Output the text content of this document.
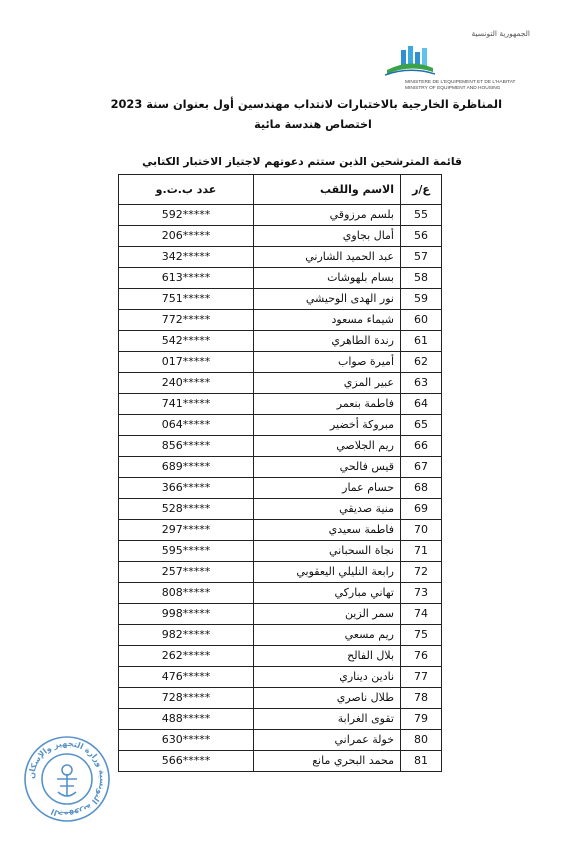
الجمهورية التونسية
MINISTERE DE L'EQUIPEMENT ET DE L'HABITAT
MINISTRY OF EQUIPMENT AND HOUSING
المناظرة الخارجية بالاختبارات لانتداب مهندسين أول بعنوان سنة 2023
اختصاص هندسة مائية
قائمة المترشحين الذين ستتم دعوتهم لاجتياز الاختبار الكتابي
ع/ر	الاسم واللقب	عدد ب.ت.و
55	بلسم مرزوقي	592*****
56	أمال بجاوي	206*****
57	عبد الحميد الشارني	342*****
58	بسام بلهوشات	613*****
59	نور الهدى الوحيشي	751*****
60	شيماء مسعود	772*****
61	رندة الطاهري	542*****
62	أميرة صواب	017*****
63	عبير المزي	240*****
64	فاطمة بنعمر	741*****
65	مبروكة أخضير	064*****
66	ريم الجلاصي	856*****
67	قيس فالحي	689*****
68	حسام عمار	366*****
69	منية صديقي	528*****
70	فاطمة سعيدي	297*****
71	نجاة السحباني	595*****
72	رابعة النليلي اليعقوبي	257*****
73	تهاني مباركي	808*****
74	سمر الزين	998*****
75	ريم مسعي	982*****
76	بلال الفالح	262*****
77	نادين ديناري	476*****
78	طلال ناصري	728*****
79	تقوى الغرابة	488*****
80	خولة عمراني	630*****
81	محمد البحري مانع	566*****
الجمهورية التونسية وزارة التجهيز والإسكان
